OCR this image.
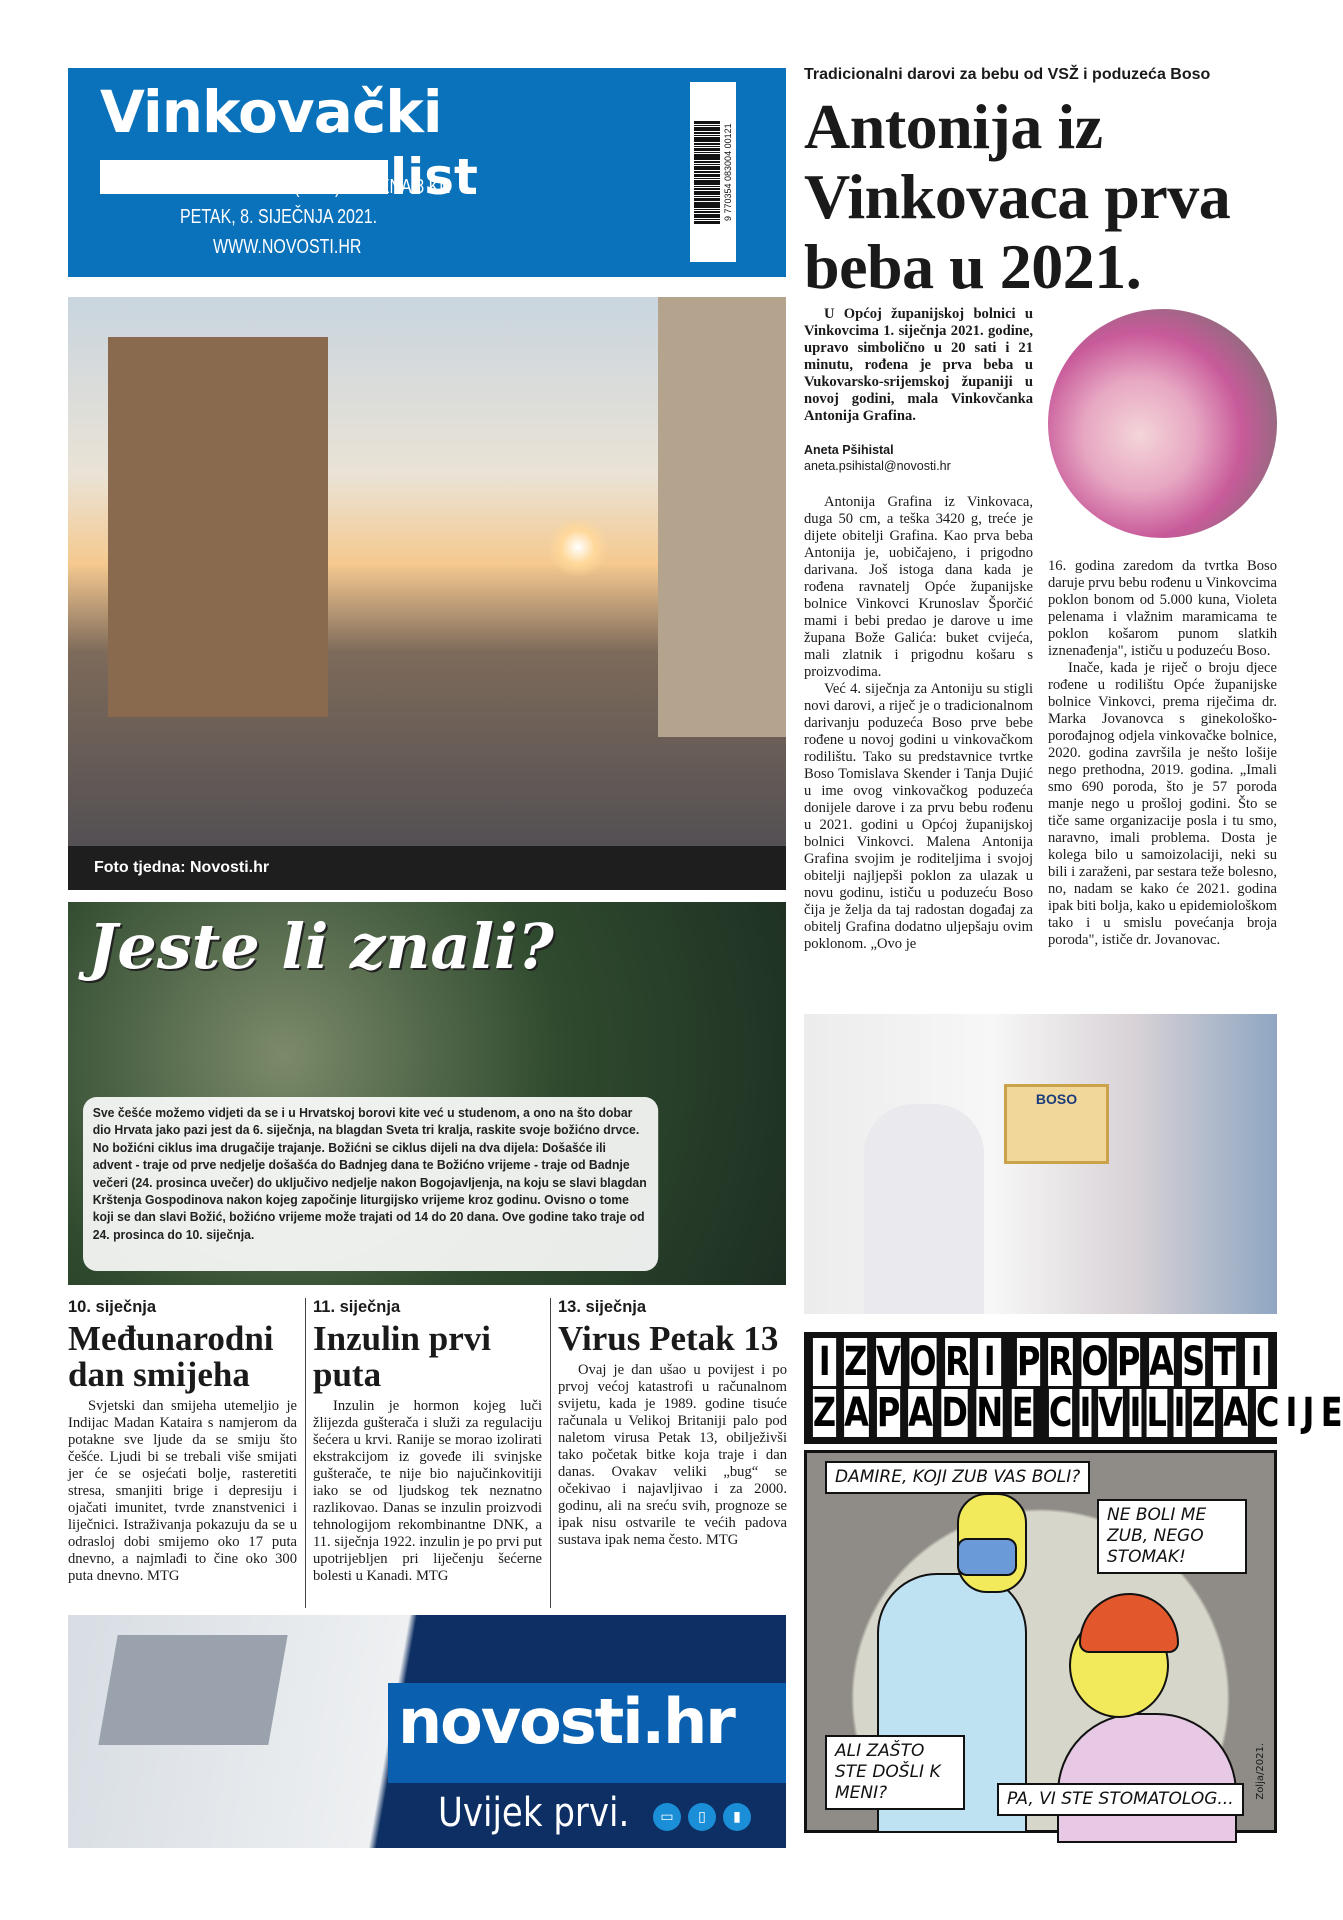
Vinkovački
list
GODINA MMXXI • BROJ 1 (3466) • CIJENA 8 KN
PETAK, 8. SIJEČNJA 2021.
WWW.NOVOSTI.HR
9 770354 083004 00121
Foto tjedna: Novosti.hr
Tradicionalni darovi za bebu od VSŽ i poduzeća Boso
Antonija iz Vinkovaca prva beba u 2021.

U Općoj županijskoj bolnici u Vinkovcima 1. siječnja 2021. godine, upravo simbolično u 20 sati i 21 minutu, rođena je prva beba u Vukovarsko-srijemskoj županiji u novoj godini, mala Vinkovčanka Antonija Grafina.

Aneta Pšihistal
aneta.psihistal@novosti.hr

Antonija Grafina iz Vinkovaca, duga 50 cm, a teška 3420 g, treće je dijete obitelji Grafina. Kao prva beba Antonija je, uobičajeno, i prigodno darivana. Još istoga dana kada je rođena ravnatelj Opće županijske bolnice Vinkovci Krunoslav Šporčić mami i bebi predao je darove u ime župana Bože Galića: buket cvijeća, mali zlatnik i prigodnu košaru s proizvodima.

Već 4. siječnja za Antoniju su stigli novi darovi, a riječ je o tradicionalnom darivanju poduzeća Boso prve bebe rođene u novoj godini u vinkovačkom rodilištu. Tako su predstavnice tvrtke Boso Tomislava Skender i Tanja Dujić u ime ovog vinkovačkog poduzeća donijele darove i za prvu bebu rođenu u 2021. godini u Općoj županijskoj bolnici Vinkovci. Malena Antonija Grafina svojim je roditeljima i svojoj obitelji najljepši poklon za ulazak u novu godinu, ističu u poduzeću Boso čija je želja da taj radostan događaj za obitelj Grafina dodatno uljepšaju ovim poklonom. „Ovo je

16. godina zaredom da tvrtka Boso daruje prvu bebu rođenu u Vinkovcima poklon bonom od 5.000 kuna, Violeta pelenama i vlažnim maramicama te poklon košarom punom slatkih iznenađenja", ističu u poduzeću Boso.

Inače, kada je riječ o broju djece rođene u rodilištu Opće županijske bolnice Vinkovci, prema riječima dr. Marka Jovanovca s ginekološko-porođajnog odjela vinkovačke bolnice, 2020. godina završila je nešto lošije nego prethodna, 2019. godina. „Imali smo 690 poroda, što je 57 poroda manje nego u prošloj godini. Što se tiče same organizacije posla i tu smo, naravno, imali problema. Dosta je kolega bilo u samoizolaciji, neki su bili i zaraženi, par sestara teže bolesno, no, nadam se kako će 2021. godina ipak biti bolja, kako u epidemiološkom tako i u smislu povećanja broja poroda", ističe dr. Jovanovac.

BOSO
Jeste li znali?
Sve češće možemo vidjeti da se i u Hrvatskoj borovi kite već u studenom, a ono na što dobar dio Hrvata jako pazi jest da 6. siječnja, na blagdan Sveta tri kralja, raskite svoje božićno drvce.
No božićni ciklus ima drugačije trajanje. Božićni se ciklus dijeli na dva dijela: Došašće ili advent - traje od prve nedjelje došašća do Badnjeg dana te Božićno vrijeme - traje od Badnje večeri (24. prosinca uvečer) do uključivo nedjelje nakon Bogojavljenja, na koju se slavi blagdan Krštenja Gospodinova nakon kojeg započinje liturgijsko vrijeme kroz godinu. Ovisno o tome koji se dan slavi Božić, božićno vrijeme može trajati od 14 do 20 dana. Ove godine tako traje od 24. prosinca do 10. siječnja.
10. siječnja
Međunarodni dan smijeha

Svjetski dan smijeha utemeljio je Indijac Madan Kataira s namjerom da potakne sve ljude da se smiju što češće. Ljudi bi se trebali više smijati jer će se osjećati bolje, rasteretiti stresa, smanjiti brige i depresiju i ojačati imunitet, tvrde znanstvenici i liječnici. Istraživanja pokazuju da se u odrasloj dobi smijemo oko 17 puta dnevno, a najmlađi to čine oko 300 puta dnevno. MTG

11. siječnja
Inzulin prvi puta

Inzulin je hormon kojeg luči žlijezda gušterača i služi za regulaciju šećera u krvi. Ranije se morao izolirati ekstrakcijom iz goveđe ili svinjske gušterače, te nije bio najučinkovitiji iako se od ljudskog tek neznatno razlikovao. Danas se inzulin proizvodi tehnologijom rekombinantne DNK, a 11. siječnja 1922. inzulin je po prvi put upotrijebljen pri liječenju šećerne bolesti u Kanadi. MTG

13. siječnja
Virus Petak 13

Ovaj je dan ušao u povijest i po prvoj većoj katastrofi u računalnom svijetu, kada je 1989. godine tisuće računala u Velikoj Britaniji palo pod naletom virusa Petak 13, obilježivši tako početak bitke koja traje i dan danas. Ovakav veliki „bug“ se očekivao i najavljivao i za 2000. godinu, ali na sreću svih, prognoze se ipak nisu ostvarile te većih padova sustava ipak nema često. MTG

novosti.hr
Uvijek prvi.	▭	▯	▮
I Z V O R I P R O P A S T I
Z A P A D N E C I V I L I Z A C I J E
DAMIRE, KOJI ZUB VAS BOLI?
NE BOLI ME ZUB, NEGO STOMAK!
ALI ZAŠTO STE DOŠLI K MENI?	PA, VI STE STOMATOLOG...	Zolja/2021.
